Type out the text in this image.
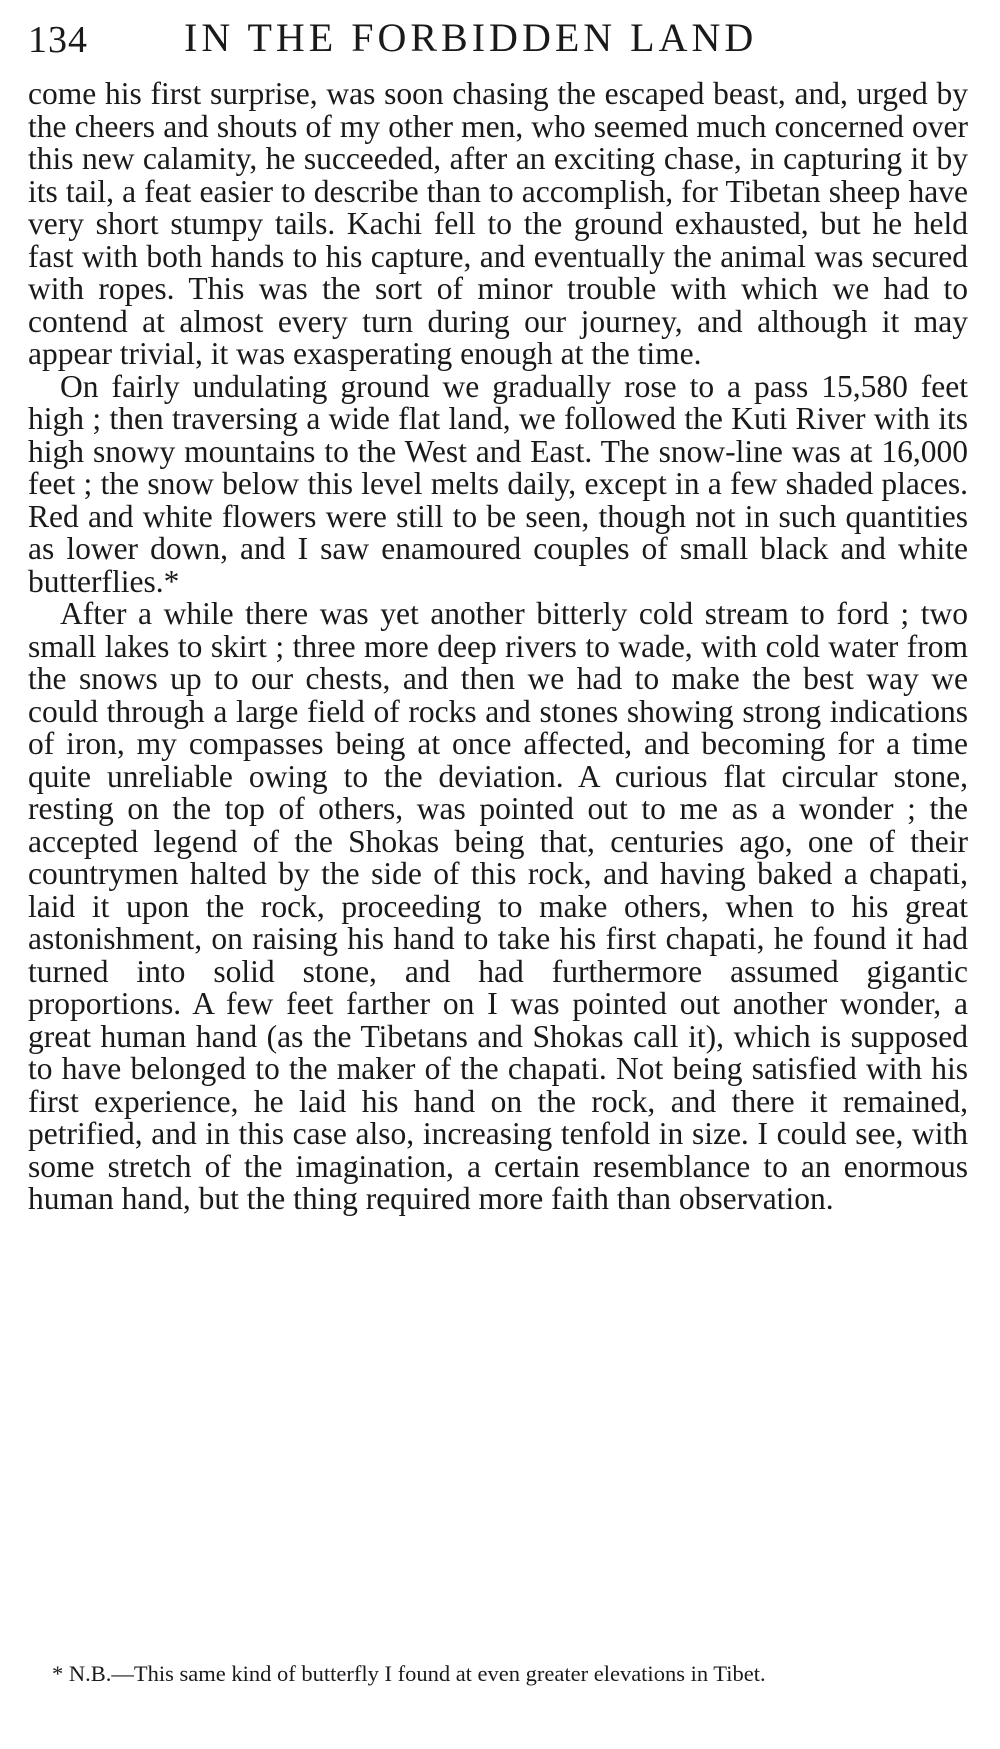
134 IN THE FORBIDDEN LAND

come his first surprise, was soon chasing the escaped beast, and, urged by the cheers and shouts of my other men, who seemed much concerned over this new calamity, he succeeded, after an exciting chase, in capturing it by its tail, a feat easier to describe than to accomplish, for Tibetan sheep have very short stumpy tails. Kachi fell to the ground exhausted, but he held fast with both hands to his capture, and eventually the animal was secured with ropes. This was the sort of minor trouble with which we had to contend at almost every turn during our journey, and although it may appear trivial, it was exasperating enough at the time.

On fairly undulating ground we gradually rose to a pass 15,580 feet high ; then traversing a wide flat land, we followed the Kuti River with its high snowy mountains to the West and East. The snow-line was at 16,000 feet ; the snow below this level melts daily, except in a few shaded places. Red and white flowers were still to be seen, though not in such quantities as lower down, and I saw enamoured couples of small black and white butterflies.*

After a while there was yet another bitterly cold stream to ford ; two small lakes to skirt ; three more deep rivers to wade, with cold water from the snows up to our chests, and then we had to make the best way we could through a large field of rocks and stones showing strong indications of iron, my compasses being at once affected, and becoming for a time quite unreliable owing to the deviation. A curious flat circular stone, resting on the top of others, was pointed out to me as a wonder ; the accepted legend of the Shokas being that, centuries ago, one of their countrymen halted by the side of this rock, and having baked a chapati, laid it upon the rock, proceeding to make others, when to his great astonishment, on raising his hand to take his first chapati, he found it had turned into solid stone, and had furthermore assumed gigantic proportions. A few feet farther on I was pointed out another wonder, a great human hand (as the Tibetans and Shokas call it), which is supposed to have belonged to the maker of the chapati. Not being satisfied with his first experience, he laid his hand on the rock, and there it remained, petrified, and in this case also, increasing tenfold in size. I could see, with some stretch of the imagination, a certain resemblance to an enormous human hand, but the thing required more faith than observation.

* N.B.—This same kind of butterfly I found at even greater elevations in Tibet.
